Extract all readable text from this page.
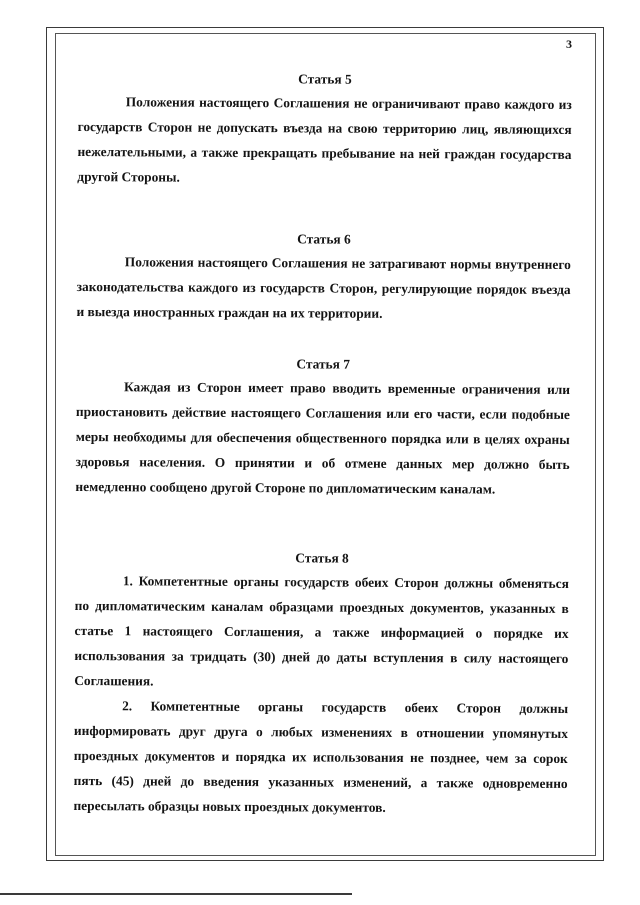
3

Статья 5

Положения настоящего Соглашения не ограничивают право каждого из государств Сторон не допускать въезда на свою территорию лиц, являющихся нежелательными, а также прекращать пребывание на ней граждан государства другой Стороны.

Статья 6

Положения настоящего Соглашения не затрагивают нормы внутреннего законодательства каждого из государств Сторон, регулирующие порядок въезда и выезда иностранных граждан на их территории.

Статья 7

Каждая из Сторон имеет право вводить временные ограничения или приостановить действие настоящего Соглашения или его части, если подобные меры необходимы для обеспечения общественного порядка или в целях охраны здоровья населения. О принятии и об отмене данных мер должно быть немедленно сообщено другой Стороне по дипломатическим каналам.

Статья 8

1. Компетентные органы государств обеих Сторон должны обменяться по дипломатическим каналам образцами проездных документов, указанных в статье 1 настоящего Соглашения, а также информацией о порядке их использования за тридцать (30) дней до даты вступления в силу настоящего Соглашения.

2. Компетентные органы государств обеих Сторон должны информировать друг друга о любых изменениях в отношении упомянутых проездных документов и порядка их использования не позднее, чем за сорок пять (45) дней до введения указанных изменений, а также одновременно пересылать образцы новых проездных документов.
